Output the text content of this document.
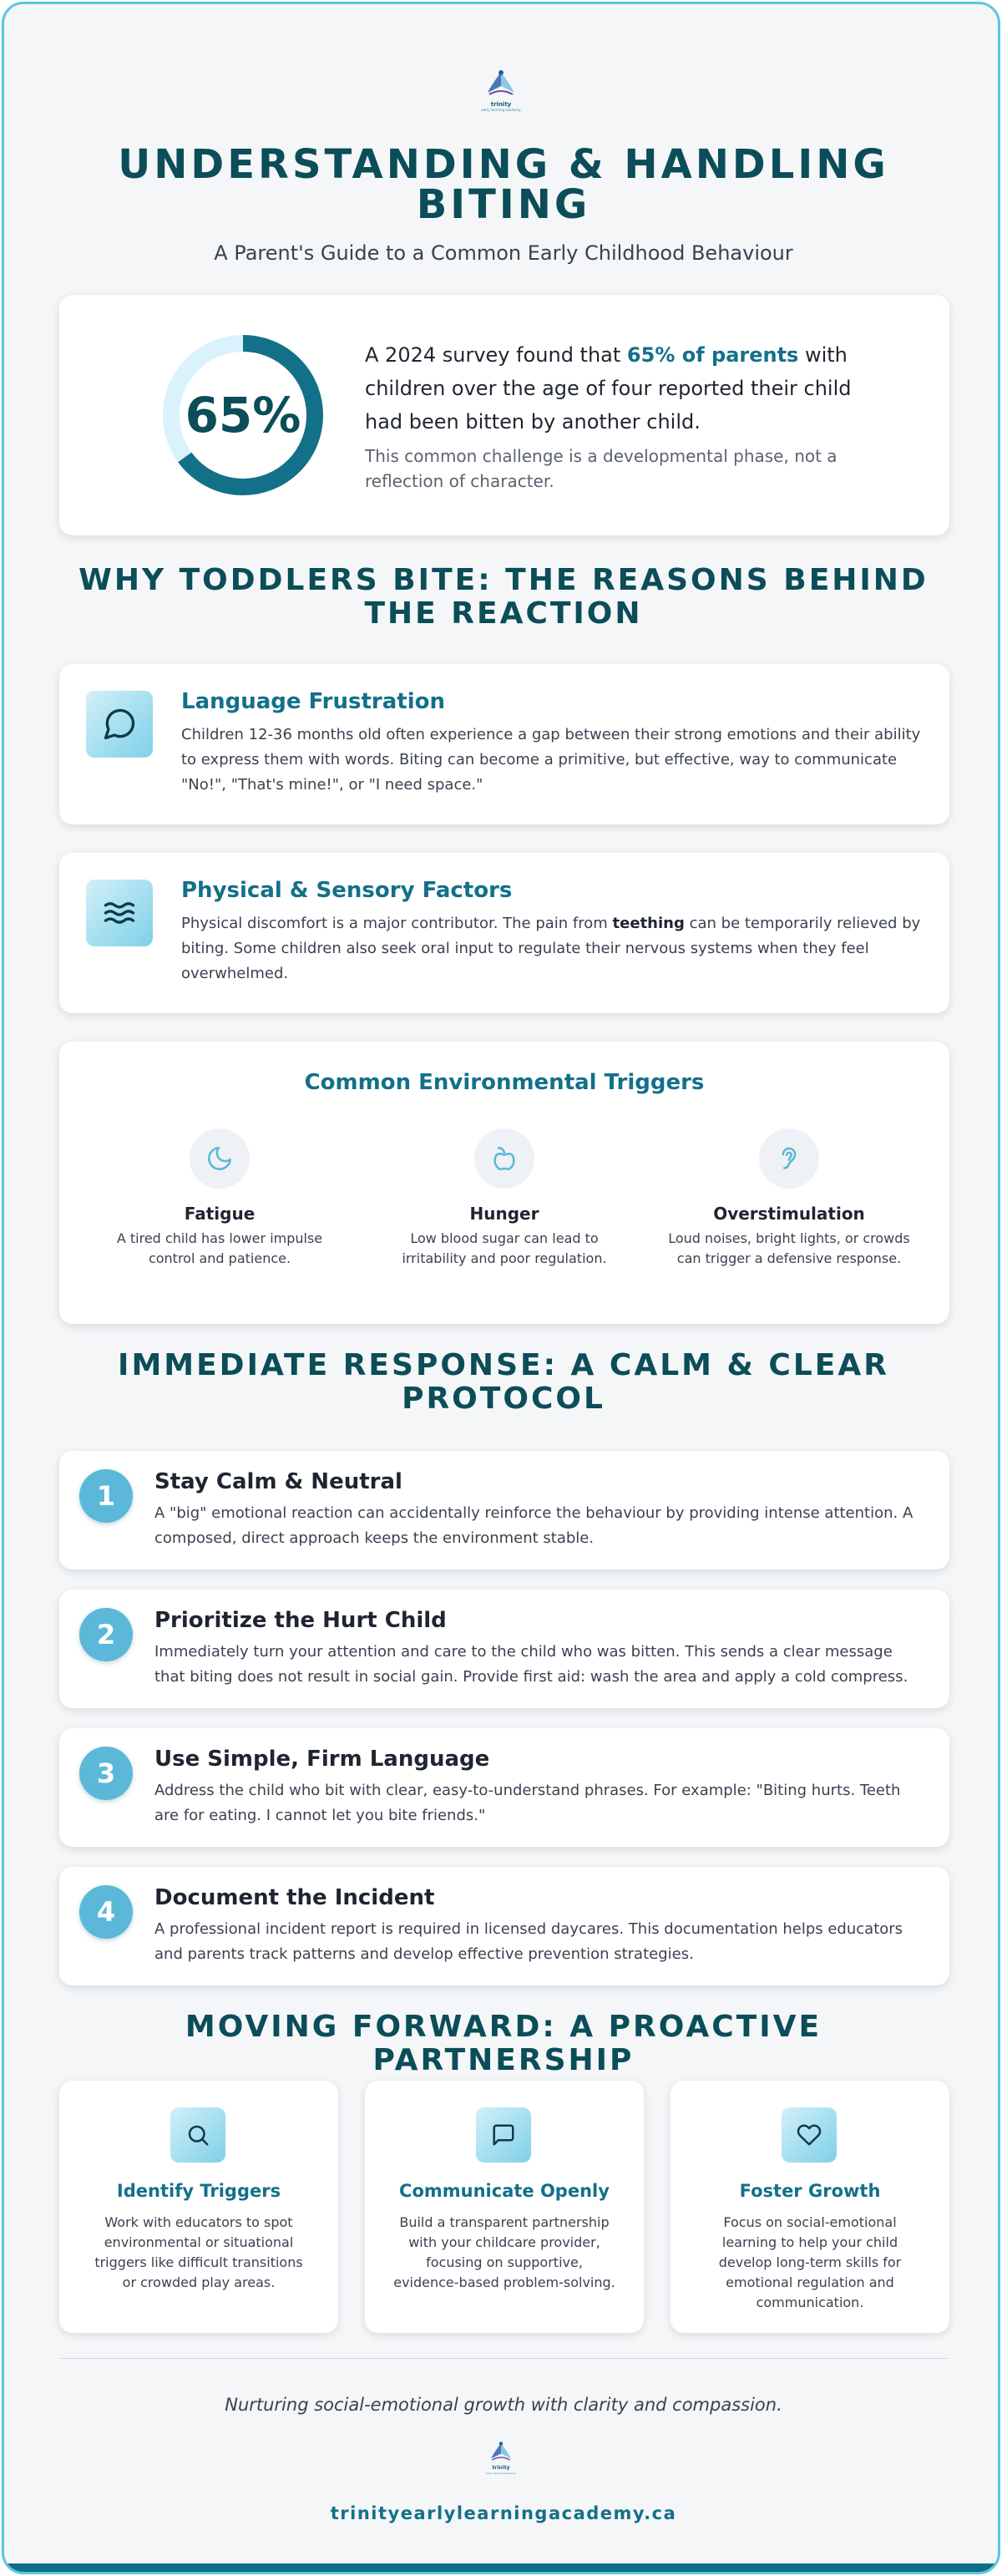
trinity
early learning academy
UNDERSTANDING & HANDLING BITING
A Parent's Guide to a Common Early Childhood Behaviour
65%
A 2024 survey found that 65% of parents with children over the age of four reported their child had been bitten by another child.
This common challenge is a developmental phase, not a reflection of character.
WHY TODDLERS BITE: THE REASONS BEHIND THE REACTION
Language Frustration
Children 12-36 months old often experience a gap between their strong emotions and their ability to express them with words. Biting can become a primitive, but effective, way to communicate "No!", "That's mine!", or "I need space."
Physical & Sensory Factors
Physical discomfort is a major contributor. The pain from teething can be temporarily relieved by biting. Some children also seek oral input to regulate their nervous systems when they feel overwhelmed.
Common Environmental Triggers
Fatigue
A tired child has lower impulse control and patience.
Hunger
Low blood sugar can lead to irritability and poor regulation.
Overstimulation
Loud noises, bright lights, or crowds can trigger a defensive response.
IMMEDIATE RESPONSE: A CALM & CLEAR PROTOCOL
1	Stay Calm & Neutral
A "big" emotional reaction can accidentally reinforce the behaviour by providing intense attention. A composed, direct approach keeps the environment stable.
2	Prioritize the Hurt Child
Immediately turn your attention and care to the child who was bitten. This sends a clear message that biting does not result in social gain. Provide first aid: wash the area and apply a cold compress.
3	Use Simple, Firm Language
Address the child who bit with clear, easy-to-understand phrases. For example: "Biting hurts. Teeth are for eating. I cannot let you bite friends."
4	Document the Incident
A professional incident report is required in licensed daycares. This documentation helps educators and parents track patterns and develop effective prevention strategies.
MOVING FORWARD: A PROACTIVE PARTNERSHIP
Identify Triggers
Work with educators to spot environmental or situational triggers like difficult transitions or crowded play areas.
Communicate Openly
Build a transparent partnership with your childcare provider, focusing on supportive, evidence-based problem-solving.
Foster Growth
Focus on social-emotional learning to help your child develop long-term skills for emotional regulation and communication.
Nurturing social-emotional growth with clarity and compassion.
trinity
early learning academy
trinityearlylearningacademy.ca
